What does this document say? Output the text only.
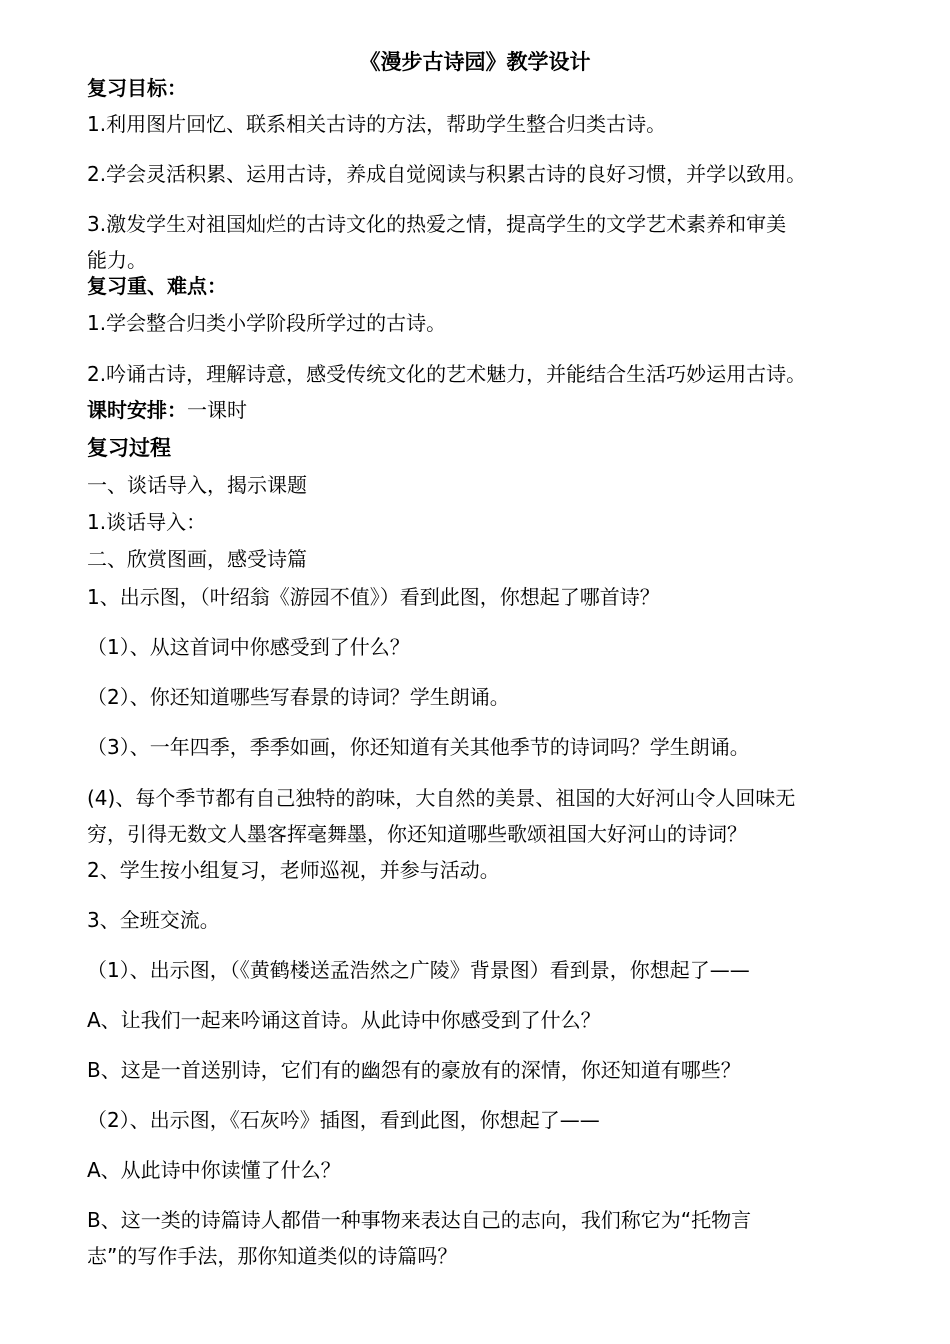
《漫步古诗园》教学设计
复习目标：
1.利用图片回忆、联系相关古诗的方法，帮助学生整合归类古诗。
2.学会灵活积累、运用古诗，养成自觉阅读与积累古诗的良好习惯，并学以致用。
3.激发学生对祖国灿烂的古诗文化的热爱之情，提高学生的文学艺术素养和审美
能力。
复习重、难点：
1.学会整合归类小学阶段所学过的古诗。
2.吟诵古诗，理解诗意，感受传统文化的艺术魅力，并能结合生活巧妙运用古诗。
课时安排：一课时
复习过程
一、谈话导入，揭示课题
1.谈话导入：
二、欣赏图画，感受诗篇
1、出示图，（叶绍翁《游园不值》）看到此图，你想起了哪首诗？
（1）、从这首词中你感受到了什么？
（2）、你还知道哪些写春景的诗词？学生朗诵。
（3）、一年四季，季季如画，你还知道有关其他季节的诗词吗？学生朗诵。
(4)、每个季节都有自己独特的韵味，大自然的美景、祖国的大好河山令人回味无
穷，引得无数文人墨客挥毫舞墨，你还知道哪些歌颂祖国大好河山的诗词？
2、学生按小组复习，老师巡视，并参与活动。
3、全班交流。
（1）、出示图，（《黄鹤楼送孟浩然之广陵》背景图）看到景，你想起了——
A、让我们一起来吟诵这首诗。从此诗中你感受到了什么？
B、这是一首送别诗，它们有的幽怨有的豪放有的深情，你还知道有哪些？
（2）、出示图，《石灰吟》插图，看到此图，你想起了——
A、从此诗中你读懂了什么？
B、这一类的诗篇诗人都借一种事物来表达自己的志向，我们称它为“托物言
志”的写作手法，那你知道类似的诗篇吗？
